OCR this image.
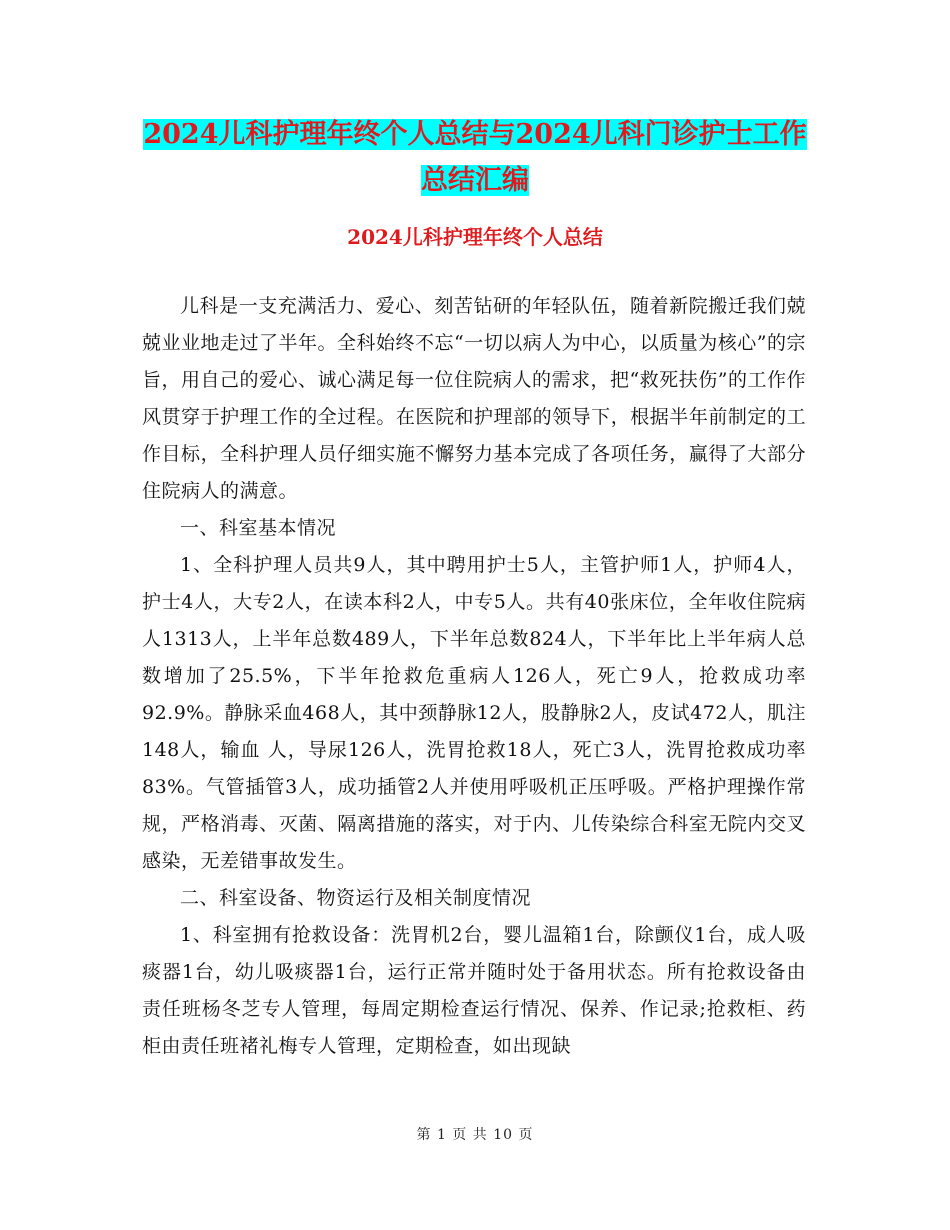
2024儿科护理年终个人总结与2024儿科门诊护士工作总结汇编
2024儿科护理年终个人总结

儿科是一支充满活力、爱心、刻苦钻研的年轻队伍，随着新院搬迁我们兢兢业业地走过了半年。全科始终不忘“一切以病人为中心，以质量为核心”的宗旨，用自己的爱心、诚心满足每一位住院病人的需求，把“救死扶伤”的工作作风贯穿于护理工作的全过程。在医院和护理部的领导下，根据半年前制定的工作目标，全科护理人员仔细实施不懈努力基本完成了各项任务，赢得了大部分住院病人的满意。

一、科室基本情况

1、全科护理人员共9人，其中聘用护士5人，主管护师1人，护师4人，护士4人，大专2人，在读本科2人，中专5人。共有40张床位，全年收住院病人1313人，上半年总数489人，下半年总数824人，下半年比上半年病人总数增加了25.5%，下半年抢救危重病人126人，死亡9人，抢救成功率92.9%。静脉采血468人，其中颈静脉12人，股静脉2人，皮试472人，肌注148人，输血 人，导尿126人，洗胃抢救18人，死亡3人，洗胃抢救成功率83%。气管插管3人，成功插管2人并使用呼吸机正压呼吸。严格护理操作常规，严格消毒、灭菌、隔离措施的落实，对于内、儿传染综合科室无院内交叉感染，无差错事故发生。

二、科室设备、物资运行及相关制度情况

1、科室拥有抢救设备：洗胃机2台，婴儿温箱1台，除颤仪1台，成人吸痰器1台，幼儿吸痰器1台，运行正常并随时处于备用状态。所有抢救设备由责任班杨冬芝专人管理，每周定期检查运行情况、保养、作记录;抢救柜、药柜由责任班褚礼梅专人管理，定期检查，如出现缺

第 1 页 共 10 页
